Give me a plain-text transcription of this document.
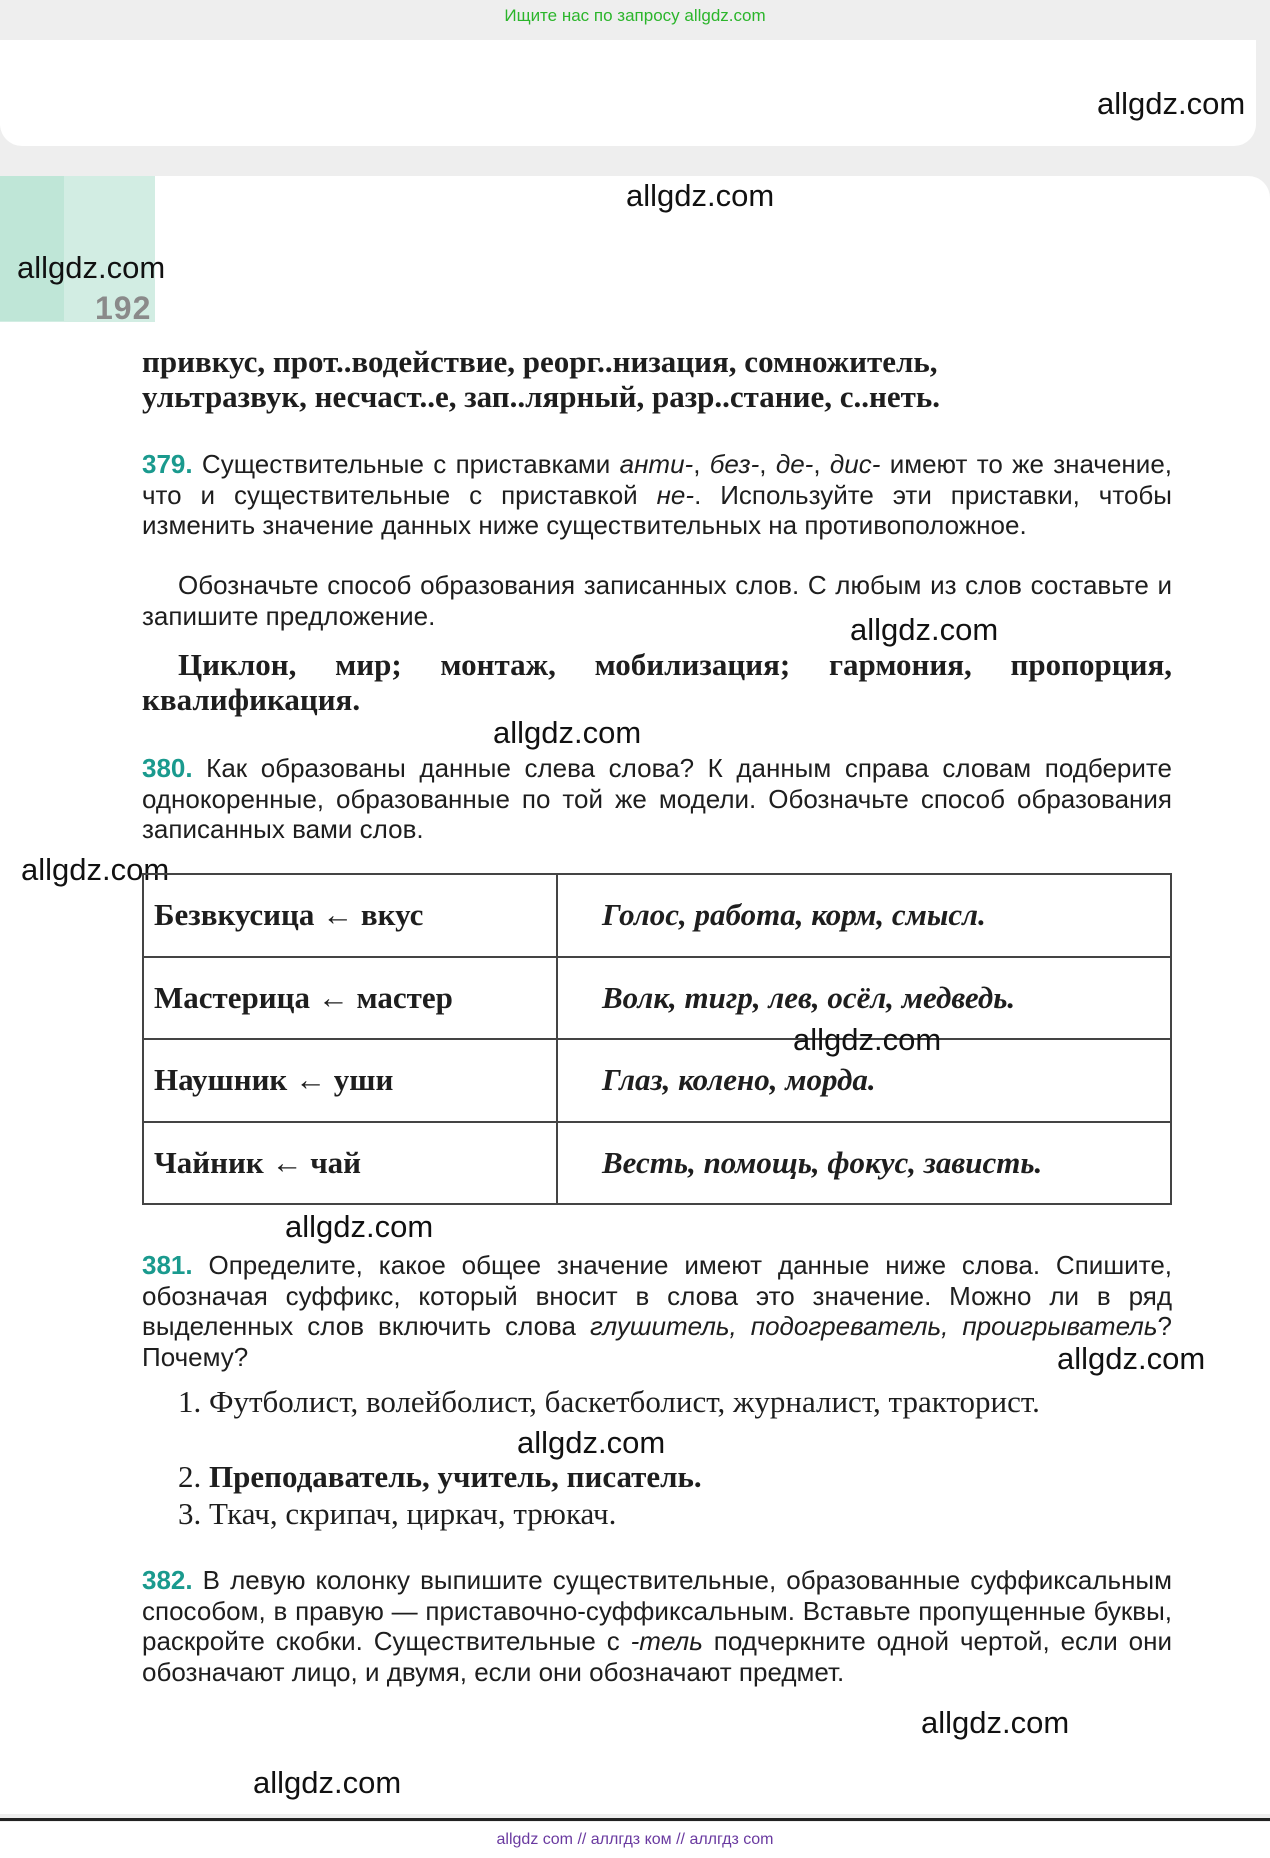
Ищите нас по запросу allgdz.com
allgdz.com
allgdz.com
allgdz.com
192
привкус, прот..водействие, реорг..низация, сомножитель,
ультразвук, несчаст..е, зап..лярный, разр..стание, с..неть.
379. Существительные с приставками анти-, без-, де-, дис- имеют то же значение, что и существительные с приставкой не-. Используйте эти приставки, чтобы изменить значение данных ниже существительных на противоположное.
Обозначьте способ образования записанных слов. С любым из слов составьте и запишите предложение.	allgdz.com
Циклон, мир; монтаж, мобилизация; гармония, пропорция, квалификация.
allgdz.com
380. Как образованы данные слева слова? К данным справа словам подберите однокоренные, образованные по той же модели. Обозначьте способ образования записанных вами слов.
allgdz.com
Безвкусица ← вкус	Голос, работа, корм, смысл.
Мастерица ← мастер	Волк, тигр, лев, осёл, медведь.
Наушник ← уши	Глаз, колено, морда.
Чайник ← чай	Весть, помощь, фокус, зависть.
allgdz.com
allgdz.com
381. Определите, какое общее значение имеют данные ниже слова. Спишите, обозначая суффикс, который вносит в слова это значение. Можно ли в ряд выделенных слов включить слова глушитель, подогреватель, проигрыватель? Почему?	allgdz.com
1. Футболист, волейболист, баскетболист, журналист, тракторист.
allgdz.com
2. Преподаватель, учитель, писатель.
3. Ткач, скрипач, циркач, трюкач.
382. В левую колонку выпишите существительные, образованные суффиксальным способом, в правую — приставочно-суффиксальным. Вставьте пропущенные буквы, раскройте скобки. Существительные с -тель подчеркните одной чертой, если они обозначают лицо, и двумя, если они обозначают предмет.
allgdz.com
allgdz.com
allgdz com // аллгдз ком // аллгдз com
